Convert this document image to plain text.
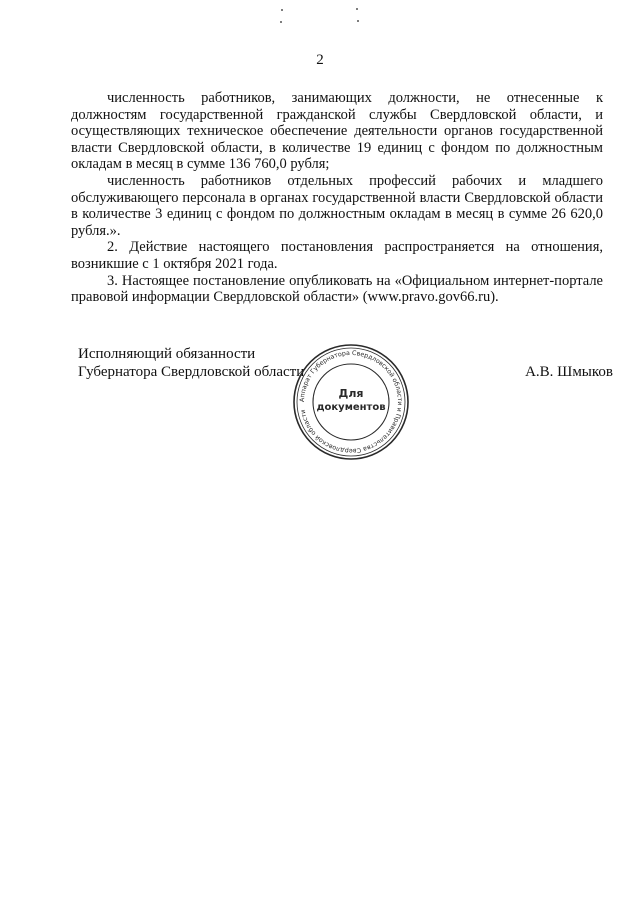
2

численность работников, занимающих должности, не отнесенные к должностям государственной гражданской службы Свердловской области, и осуществляющих техническое обеспечение деятельности органов государственной власти Свердловской области, в количестве 19 единиц с фондом по должностным окладам в месяц в сумме 136 760,0 рубля;

численность работников отдельных профессий рабочих и младшего обслуживающего персонала в органах государственной власти Свердловской области в количестве 3 единиц с фондом по должностным окладам в месяц в сумме 26 620,0 рубля.».

2. Действие настоящего постановления распространяется на отношения, возникшие с 1 октября 2021 года.

3. Настоящее постановление опубликовать на «Официальном интернет-портале правовой информации Свердловской области» (www.pravo.gov66.ru).

Исполняющий обязанности
Губернатора Свердловской области	А.В. Шмыков
Аппарат Губернатора Свердловской области и Правительства Свердловской области
Для
документов
